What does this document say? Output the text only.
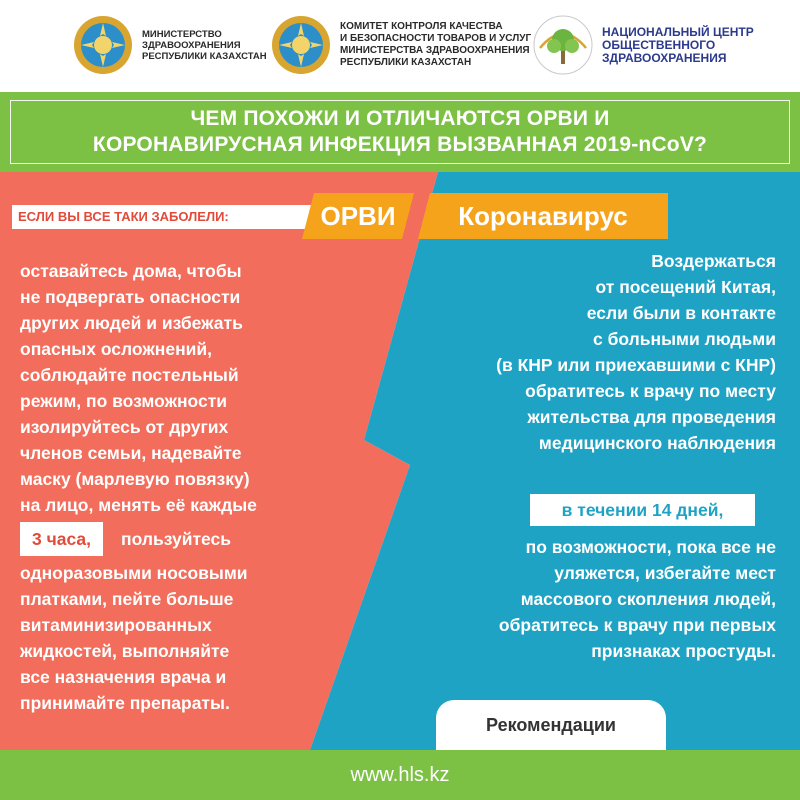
МИНИСТЕРСТВО
ЗДРАВООХРАНЕНИЯ
РЕСПУБЛИКИ КАЗАХСТАН
КОМИТЕТ КОНТРОЛЯ КАЧЕСТВА
И БЕЗОПАСНОСТИ ТОВАРОВ И УСЛУГ
МИНИСТЕРСТВА ЗДРАВООХРАНЕНИЯ
РЕСПУБЛИКИ КАЗАХСТАН
НАЦИОНАЛЬНЫЙ ЦЕНТР
ОБЩЕСТВЕННОГО
ЗДРАВООХРАНЕНИЯ
ЧЕМ ПОХОЖИ И ОТЛИЧАЮТСЯ ОРВИ И
КОРОНАВИРУСНАЯ ИНФЕКЦИЯ ВЫЗВАННАЯ 2019-nCoV?
ЕСЛИ ВЫ ВСЕ ТАКИ ЗАБОЛЕЛИ:	ОРВИ	Коронавирус
оставайтесь дома, чтобы
не подвергать опасности
других людей и избежать
опасных осложнений,
соблюдайте постельный
режим, по возможности
изолируйтесь от других
членов семьи, надевайте
маску (марлевую повязку)
на лицо, менять её каждые
3 часа,	пользуйтесь
одноразовыми носовыми
платками, пейте больше
витаминизированных
жидкостей, выполняйте
все назначения врача и
принимайте препараты.
Воздержаться
от посещений Китая,
если были в контакте
с больными людьми
(в КНР или приехавшими с КНР)
обратитесь к врачу по месту
жительства для проведения
медицинского наблюдения
в течении 14 дней,
по возможности, пока все не
уляжется, избегайте мест
массового скопления людей,
обратитесь к врачу при первых
признаках простуды.
Рекомендации
www.hls.kz
